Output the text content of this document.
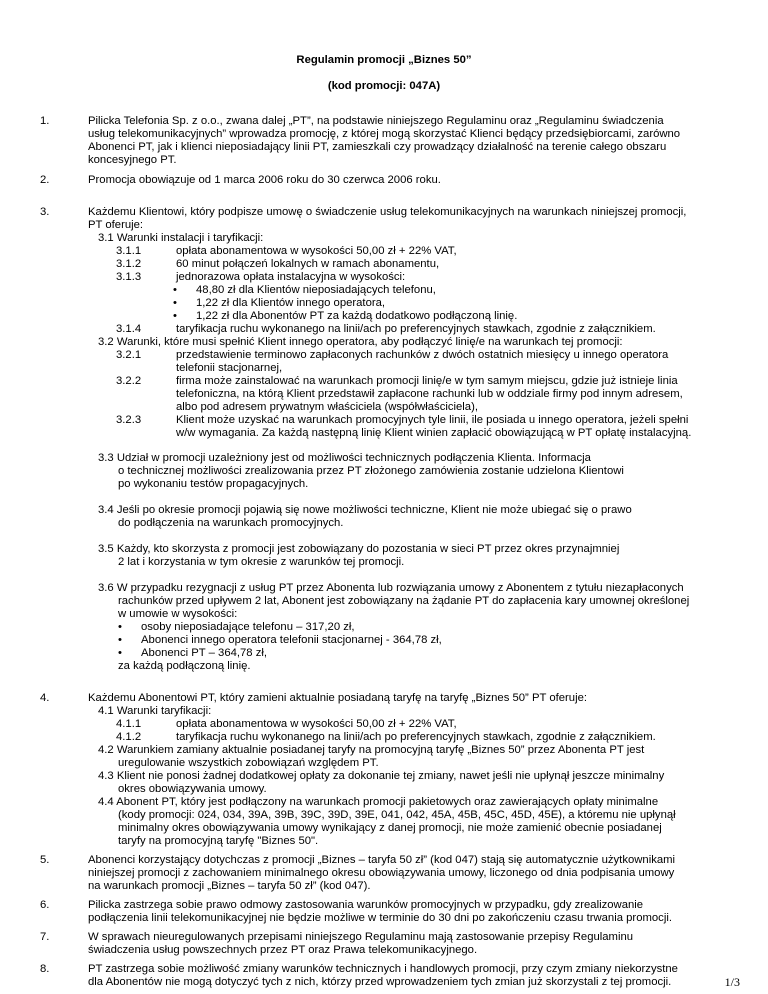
Regulamin promocji „Biznes 50”
(kod promocji: 047A)
1.	Pilicka Telefonia Sp. z o.o., zwana dalej „PT”, na podstawie niniejszego Regulaminu oraz „Regulaminu świadczenia
usług telekomunikacyjnych” wprowadza promocję, z której mogą skorzystać Klienci będący przedsiębiorcami, zarówno
Abonenci PT, jak i klienci nieposiadający linii PT, zamieszkali czy prowadzący działalność na terenie całego obszaru
koncesyjnego PT.
2.	Promocja obowiązuje od 1 marca 2006 roku do 30 czerwca 2006 roku.
3.	Każdemu Klientowi, który podpisze umowę o świadczenie usług telekomunikacyjnych na warunkach niniejszej promocji,
PT oferuje:
3.1 Warunki instalacji i taryfikacji:
3.1.1	opłata abonamentowa w wysokości 50,00 zł + 22% VAT,
3.1.2	60 minut połączeń lokalnych w ramach abonamentu,
3.1.3	jednorazowa opłata instalacyjna w wysokości:
• 48,80 zł dla Klientów nieposiadających telefonu,
• 1,22 zł dla Klientów innego operatora,
• 1,22 zł dla Abonentów PT za każdą dodatkowo podłączoną linię.
3.1.4	taryfikacja ruchu wykonanego na linii/ach po preferencyjnych stawkach, zgodnie z załącznikiem.
3.2 Warunki, które musi spełnić Klient innego operatora, aby podłączyć linię/e na warunkach tej promocji:
3.2.1	przedstawienie terminowo zapłaconych rachunków z dwóch ostatnich miesięcy u innego operatora
telefonii stacjonarnej,
3.2.2	firma może zainstalować na warunkach promocji linię/e w tym samym miejscu, gdzie już istnieje linia
telefoniczna, na którą Klient przedstawił zapłacone rachunki lub w oddziale firmy pod innym adresem,
albo pod adresem prywatnym właściciela (współwłaściciela),
3.2.3	Klient może uzyskać na warunkach promocyjnych tyle linii, ile posiada u innego operatora, jeżeli spełni
w/w wymagania. Za każdą następną linię Klient winien zapłacić obowiązującą w PT opłatę instalacyjną.
3.3 Udział w promocji uzależniony jest od możliwości technicznych podłączenia Klienta. Informacja
o technicznej możliwości zrealizowania przez PT złożonego zamówienia zostanie udzielona Klientowi
po wykonaniu testów propagacyjnych.
3.4 Jeśli po okresie promocji pojawią się nowe możliwości techniczne, Klient nie może ubiegać się o prawo
do podłączenia na warunkach promocyjnych.
3.5 Każdy, kto skorzysta z promocji jest zobowiązany do pozostania w sieci PT przez okres przynajmniej
2 lat i korzystania w tym okresie z warunków tej promocji.
3.6 W przypadku rezygnacji z usług PT przez Abonenta lub rozwiązania umowy z Abonentem z tytułu niezapłaconych
rachunków przed upływem 2 lat, Abonent jest zobowiązany na żądanie PT do zapłacenia kary umownej określonej
w umowie w wysokości:
• osoby nieposiadające telefonu – 317,20 zł,
• Abonenci innego operatora telefonii stacjonarnej - 364,78 zł,
• Abonenci PT – 364,78 zł,
za każdą podłączoną linię.
4.	Każdemu Abonentowi PT, który zamieni aktualnie posiadaną taryfę na taryfę „Biznes 50” PT oferuje:
4.1 Warunki taryfikacji:
4.1.1	opłata abonamentowa w wysokości 50,00 zł + 22% VAT,
4.1.2	taryfikacja ruchu wykonanego na linii/ach po preferencyjnych stawkach, zgodnie z załącznikiem.
4.2 Warunkiem zamiany aktualnie posiadanej taryfy na promocyjną taryfę „Biznes 50” przez Abonenta PT jest
uregulowanie wszystkich zobowiązań względem PT.
4.3 Klient nie ponosi żadnej dodatkowej opłaty za dokonanie tej zmiany, nawet jeśli nie upłynął jeszcze minimalny
okres obowiązywania umowy.
4.4 Abonent PT, który jest podłączony na warunkach promocji pakietowych oraz zawierających opłaty minimalne
(kody promocji: 024, 034, 39A, 39B, 39C, 39D, 39E, 041, 042, 45A, 45B, 45C, 45D, 45E), a któremu nie upłynął
minimalny okres obowiązywania umowy wynikający z danej promocji, nie może zamienić obecnie posiadanej
taryfy na promocyjną taryfę "Biznes 50".
5.	Abonenci korzystający dotychczas z promocji „Biznes – taryfa 50 zł” (kod 047) stają się automatycznie użytkownikami
niniejszej promocji z zachowaniem minimalnego okresu obowiązywania umowy, liczonego od dnia podpisania umowy
na warunkach promocji „Biznes – taryfa 50 zł” (kod 047).
6.	Pilicka zastrzega sobie prawo odmowy zastosowania warunków promocyjnych w przypadku, gdy zrealizowanie
podłączenia linii telekomunikacyjnej nie będzie możliwe w terminie do 30 dni po zakończeniu czasu trwania promocji.
7.	W sprawach nieuregulowanych przepisami niniejszego Regulaminu mają zastosowanie przepisy Regulaminu
świadczenia usług powszechnych przez PT oraz Prawa telekomunikacyjnego.
8.	PT zastrzega sobie możliwość zmiany warunków technicznych i handlowych promocji, przy czym zmiany niekorzystne
dla Abonentów nie mogą dotyczyć tych z nich, którzy przed wprowadzeniem tych zmian już skorzystali z tej promocji.	1/3
